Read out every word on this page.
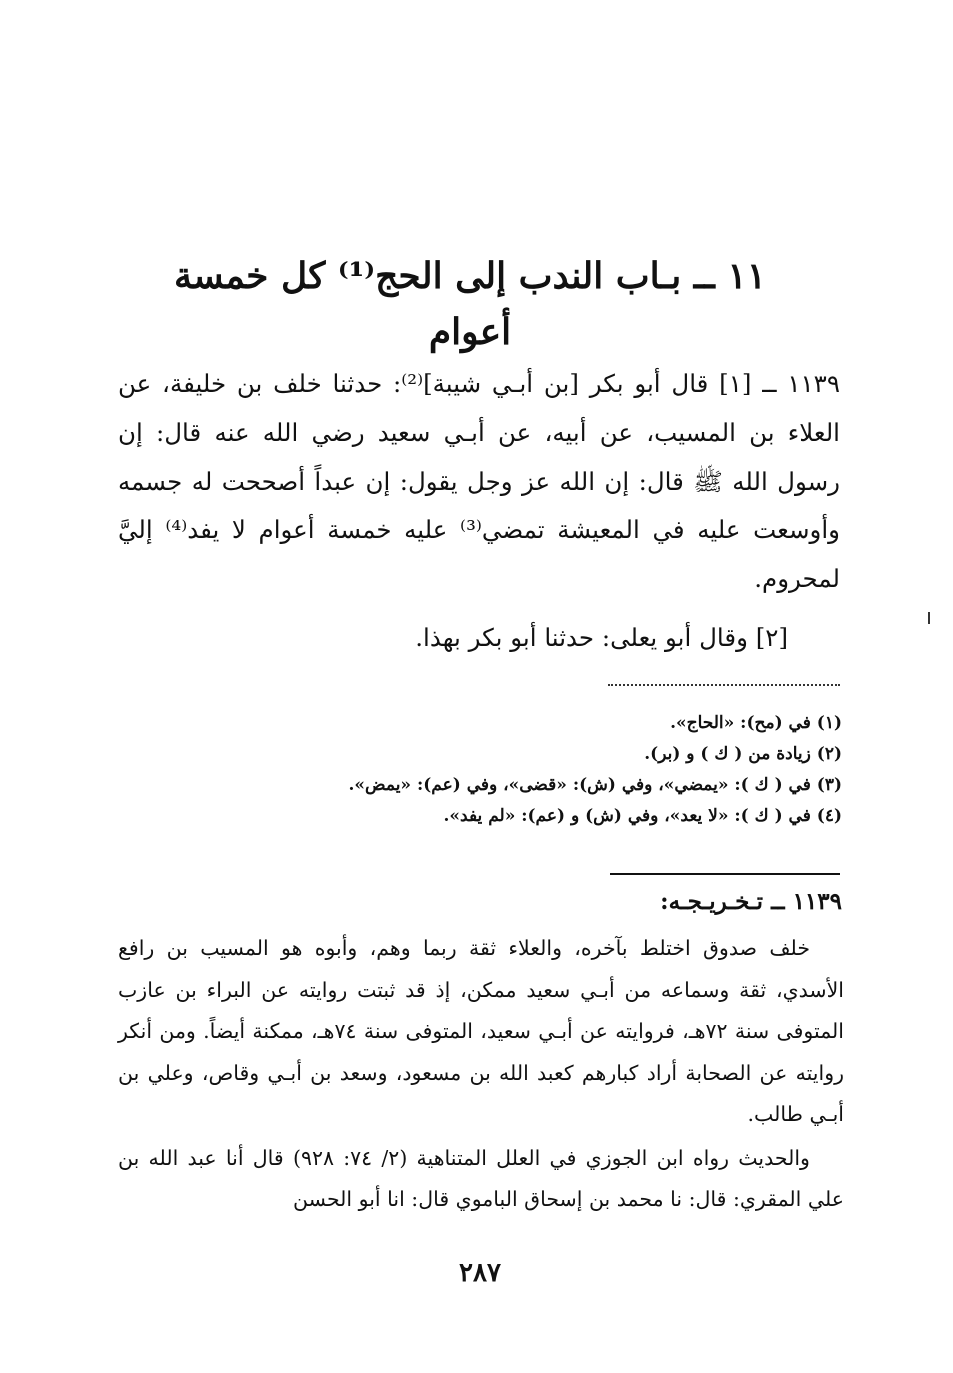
١١ ــ بـاب الندب إلى الحج⁽¹⁾ كل خمسة أعوام

١١٣٩ ــ [١] قال أبو بكر [بن أبـي شيبة]⁽²⁾: حدثنا خلف بن خليفة، عن العلاء بن المسيب، عن أبيه، عن أبـي سعيد رضي الله عنه قال: إن رسول الله ﷺ قال: إن الله عز وجل يقول: إن عبداً أصححت له جسمه وأوسعت عليه في المعيشة تمضي⁽³⁾ عليه خمسة أعوام لا يفد⁽⁴⁾ إليَّ لمحروم.

[٢] وقال أبو يعلى: حدثنا أبو بكر بهذا.
(١) في (مح): «الحاج».
(٢) زيادة من ( ك ) و (بر).
(٣) في ( ك ): «يمضي»، وفي (ش): «قضى»، وفي (عم): «يمض».
(٤) في ( ك ): «لا يعد»، وفي (ش) و (عم): «لم يفد».
١١٣٩ ــ تـخـريـجـه:

خلف صدوق اختلط بآخره، والعلاء ثقة ربما وهم، وأبوه هو المسيب بن رافع الأسدي، ثقة وسماعه من أبـي سعيد ممكن، إذ قد ثبتت روايته عن البراء بن عازب المتوفى سنة ٧٢هـ، فروايته عن أبـي سعيد، المتوفى سنة ٧٤هـ، ممكنة أيضاً. ومن أنكر روايته عن الصحابة أراد كبارهم كعبد الله بن مسعود، وسعد بن أبـي وقاص، وعلي بن أبـي طالب.

والحديث رواه ابن الجوزي في العلل المتناهية (٢/ ٧٤: ٩٢٨) قال أنا عبد الله بن علي المقري: قال: نا محمد بن إسحاق الباموي قال: انا أبو الحسن

٢٨٧
